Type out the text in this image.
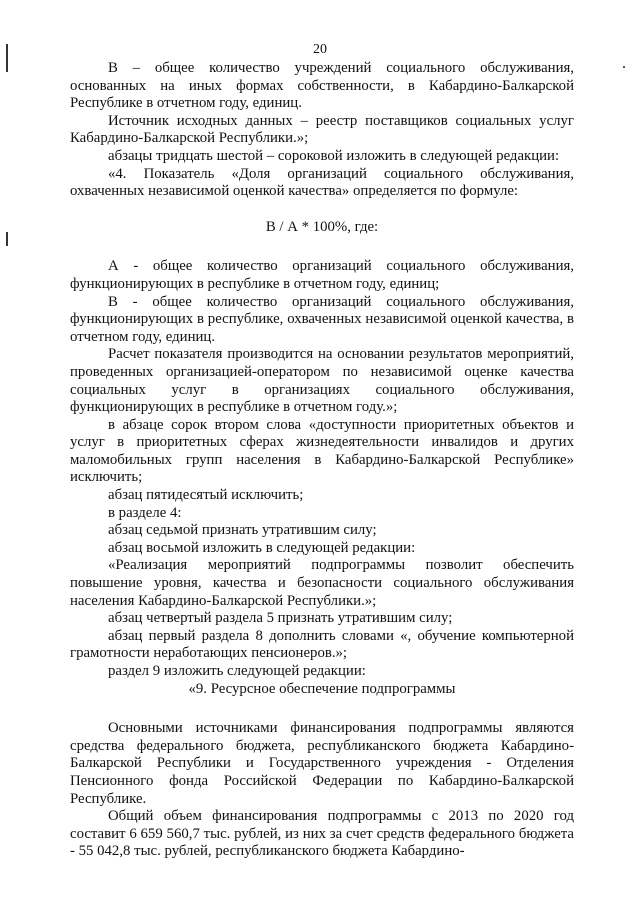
20

В – общее количество учреждений социального обслуживания, основанных на иных формах собственности, в Кабардино-Балкарской Республике в отчетном году, единиц.

Источник исходных данных – реестр поставщиков социальных услуг Кабардино-Балкарской Республики.»;

абзацы тридцать шестой – сороковой изложить в следующей редакции:

«4. Показатель «Доля организаций социального обслуживания, охваченных независимой оценкой качества» определяется по формуле:

В / А * 100%, где:

А - общее количество организаций социального обслуживания, функционирующих в республике в отчетном году, единиц;

В - общее количество организаций социального обслуживания, функционирующих в республике, охваченных независимой оценкой качества, в отчетном году, единиц.

Расчет показателя производится на основании результатов мероприятий, проведенных организацией-оператором по независимой оценке качества социальных услуг в организациях социального обслуживания, функционирующих в республике в отчетном году.»;

в абзаце сорок втором слова «доступности приоритетных объектов и услуг в приоритетных сферах жизнедеятельности инвалидов и других маломобильных групп населения в Кабардино-Балкарской Республике» исключить;

абзац пятидесятый исключить;

в разделе 4:

абзац седьмой признать утратившим силу;

абзац восьмой изложить в следующей редакции:

«Реализация мероприятий подпрограммы позволит обеспечить повышение уровня, качества и безопасности социального обслуживания населения Кабардино-Балкарской Республики.»;

абзац четвертый раздела 5 признать утратившим силу;

абзац первый раздела 8 дополнить словами «, обучение компьютерной грамотности неработающих пенсионеров.»;

раздел 9 изложить следующей редакции:

«9. Ресурсное обеспечение подпрограммы

Основными источниками финансирования подпрограммы являются средства федерального бюджета, республиканского бюджета Кабардино-Балкарской Республики и Государственного учреждения - Отделения Пенсионного фонда Российской Федерации по Кабардино-Балкарской Республике.

Общий объем финансирования подпрограммы с 2013 по 2020 год составит 6 659 560,7 тыс. рублей, из них за счет средств федерального бюджета - 55 042,8 тыс. рублей, республиканского бюджета Кабардино-
